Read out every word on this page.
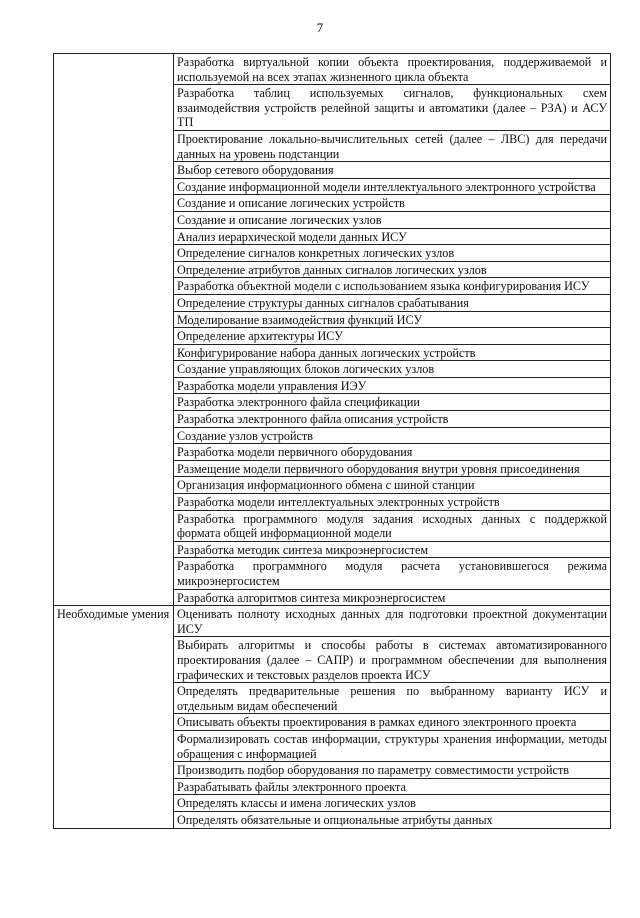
7
	Разработка виртуальной копии объекта проектирования, поддерживаемой и используемой на всех этапах жизненного цикла объекта
	Разработка таблиц используемых сигналов, функциональных схем взаимодействия устройств релейной защиты и автоматики (далее – РЗА) и АСУ ТП
	Проектирование локально-вычислительных сетей (далее – ЛВС) для передачи данных на уровень подстанции
	Выбор сетевого оборудования
	Создание информационной модели интеллектуального электронного устройства
	Создание и описание логических устройств
	Создание и описание логических узлов
	Анализ иерархической модели данных ИСУ
	Определение сигналов конкретных логических узлов
	Определение атрибутов данных сигналов логических узлов
	Разработка объектной модели с использованием языка конфигурирования ИСУ
	Определение структуры данных сигналов срабатывания
	Моделирование взаимодействия функций ИСУ
	Определение архитектуры ИСУ
	Конфигурирование набора данных логических устройств
	Создание управляющих блоков логических узлов
	Разработка модели управления ИЭУ
	Разработка электронного файла спецификации
	Разработка электронного файла описания устройств
	Создание узлов устройств
	Разработка модели первичного оборудования
	Размещение модели первичного оборудования внутри уровня присоединения
	Организация информационного обмена с шиной станции
	Разработка модели интеллектуальных электронных устройств
	Разработка программного модуля задания исходных данных с поддержкой формата общей информационной модели
	Разработка методик синтеза микроэнергосистем
	Разработка программного модуля расчета установившегося режима микроэнергосистем
	Разработка алгоритмов синтеза микроэнергосистем
Необходимые умения	Оценивать полноту исходных данных для подготовки проектной документации ИСУ
	Выбирать алгоритмы и способы работы в системах автоматизированного проектирования (далее – САПР) и программном обеспечении для выполнения графических и текстовых разделов проекта ИСУ
	Определять предварительные решения по выбранному варианту ИСУ и отдельным видам обеспечений
	Описывать объекты проектирования в рамках единого электронного проекта
	Формализировать состав информации, структуры хранения информации, методы обращения с информацией
	Производить подбор оборудования по параметру совместимости устройств
	Разрабатывать файлы электронного проекта
	Определять классы и имена логических узлов
	Определять обязательные и опциональные атрибуты данных
